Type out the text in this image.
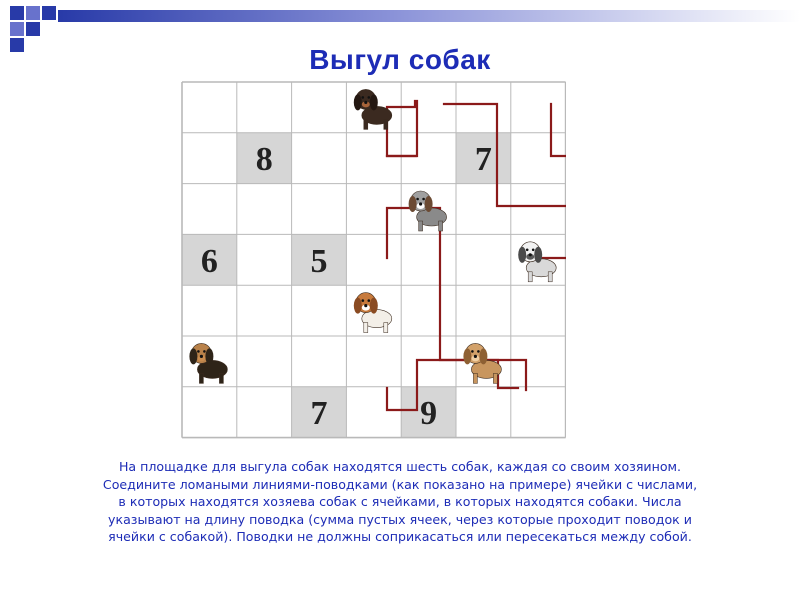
Выгул собак
8	7
6	5
7	9
На площадке для выгула собак находятся шесть собак, каждая со своим хозяином. Соедините ломаными линиями-поводками (как показано на примере) ячейки с числами, в которых находятся хозяева собак с ячейками, в которых находятся собаки. Числа указывают на длину поводка (сумма пустых ячеек, через которые проходит поводок и ячейки с собакой). Поводки не должны соприкасаться или пересекаться между собой.
